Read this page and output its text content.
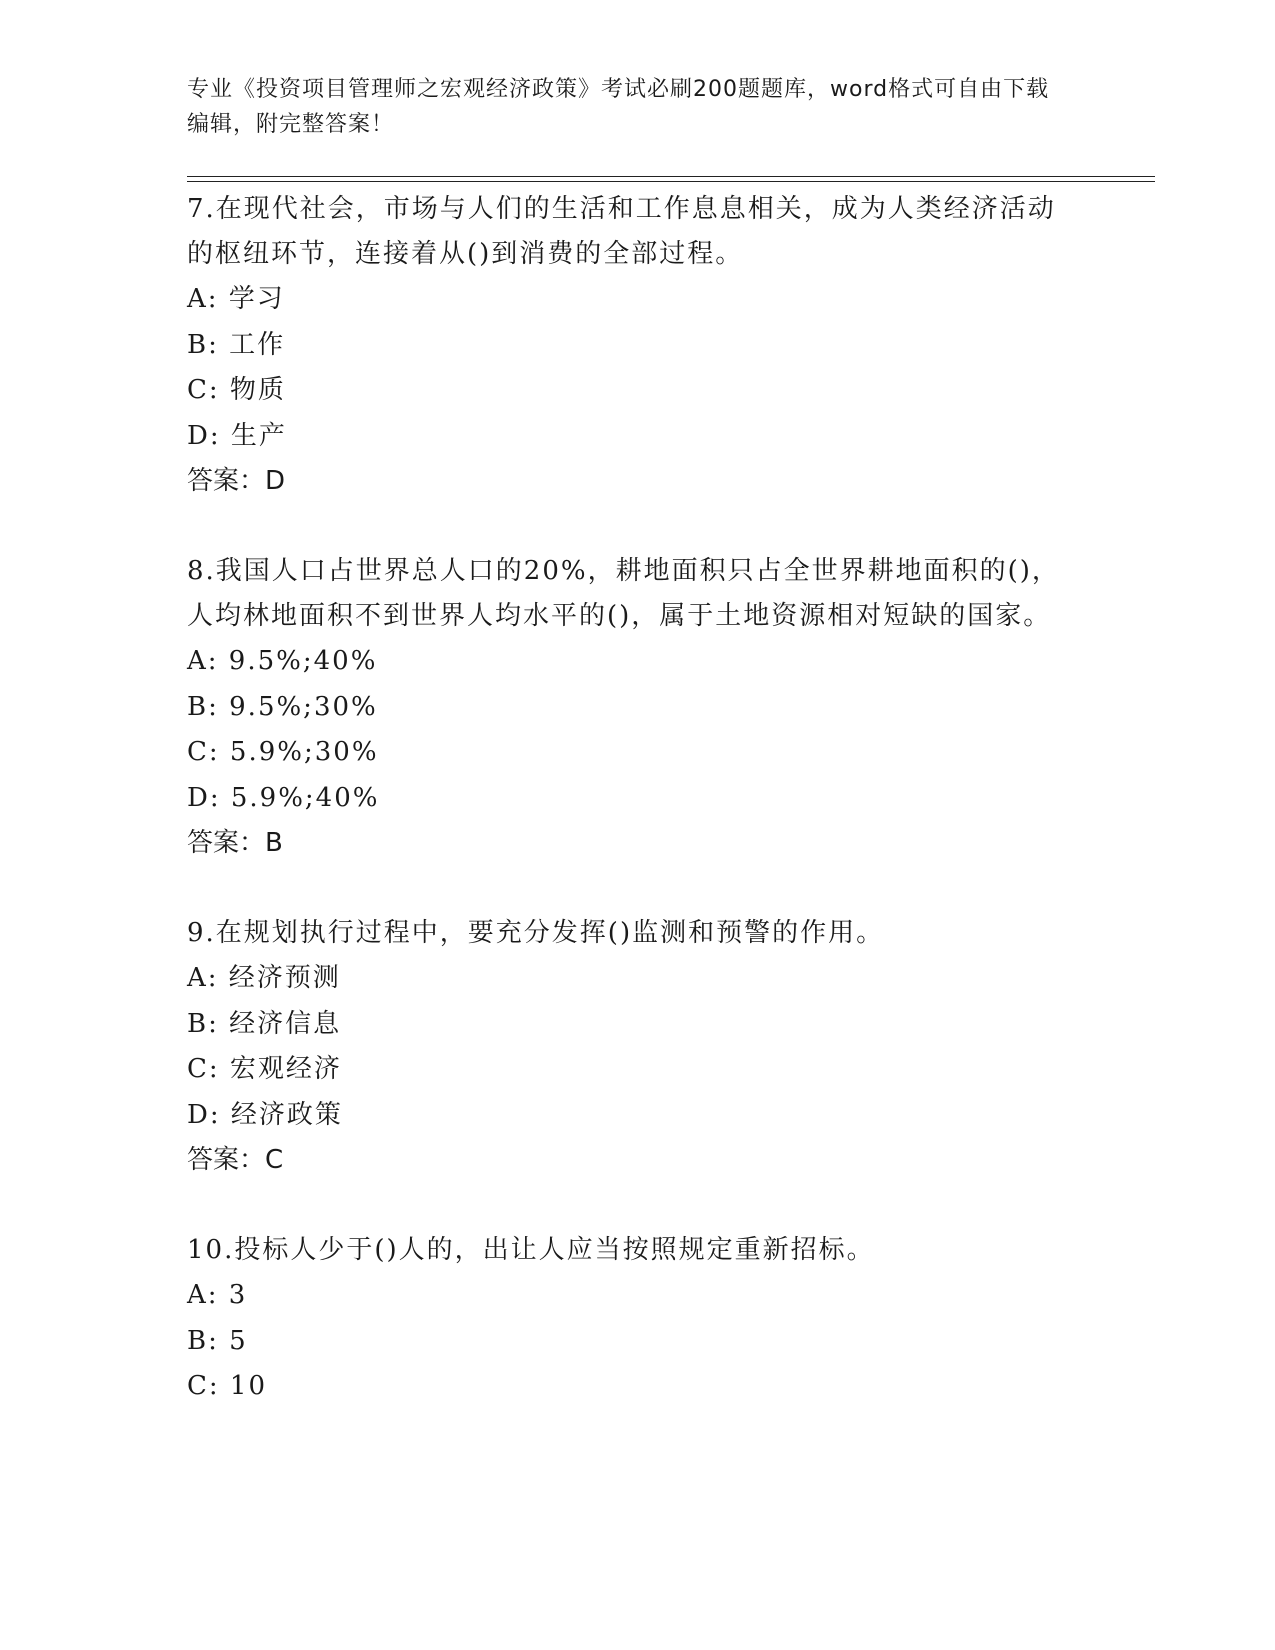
专业《投资项目管理师之宏观经济政策》考试必刷200题题库，word格式可自由下载编辑，附完整答案！

7.在现代社会，市场与人们的生活和工作息息相关，成为人类经济活动的枢纽环节，连接着从()到消费的全部过程。

A: 学习

B: 工作

C: 物质

D: 生产

答案：D

8.我国人口占世界总人口的20%，耕地面积只占全世界耕地面积的()，人均林地面积不到世界人均水平的()，属于土地资源相对短缺的国家。

A: 9.5%;40%

B: 9.5%;30%

C: 5.9%;30%

D: 5.9%;40%

答案：B

9.在规划执行过程中，要充分发挥()监测和预警的作用。

A: 经济预测

B: 经济信息

C: 宏观经济

D: 经济政策

答案：C

10.投标人少于()人的，出让人应当按照规定重新招标。

A: 3

B: 5

C: 10
